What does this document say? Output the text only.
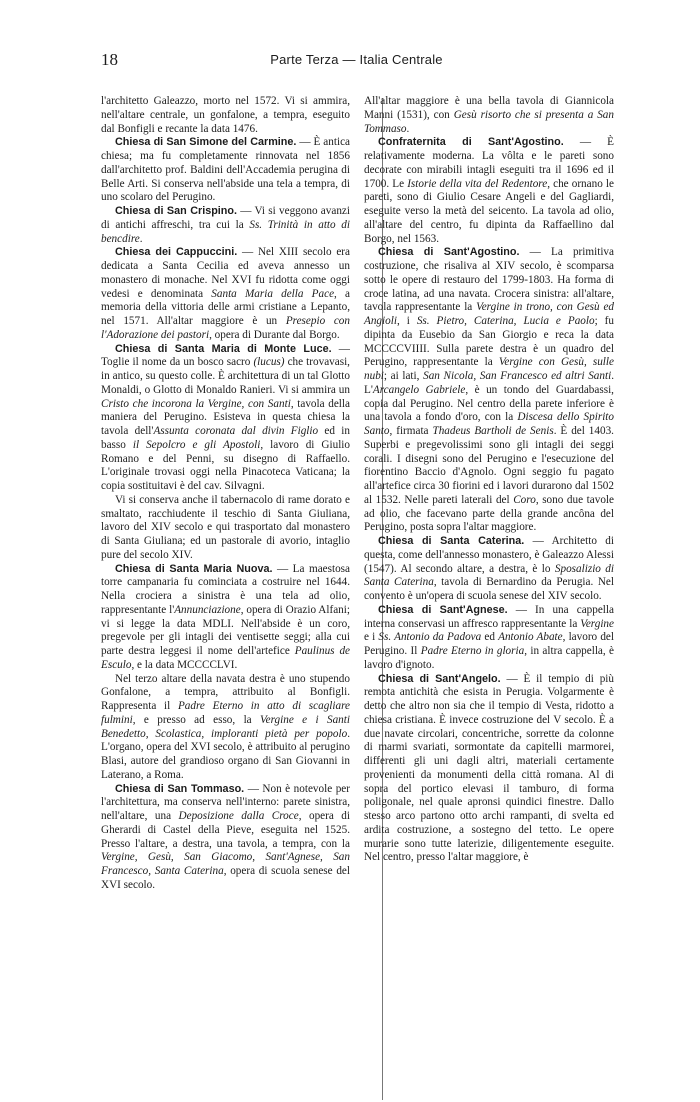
18	Parte Terza — Italia Centrale

l'architetto Galeazzo, morto nel 1572. Vi si ammira, nell'altare centrale, un gonfalone, a tempra, eseguito dal Bonfigli e recante la data 1476.

Chiesa di San Simone del Carmine. — È antica chiesa; ma fu completamente rinnovata nel 1856 dall'architetto prof. Baldini dell'Accademia perugina di Belle Arti. Si conserva nell'abside una tela a tempra, di uno scolaro del Perugino.

Chiesa di San Crispino. — Vi si veggono avanzi di antichi affreschi, tra cui la Ss. Trinità in atto di bencdire.

Chiesa dei Cappuccini. — Nel XIII secolo era dedicata a Santa Cecilia ed aveva annesso un monastero di monache. Nel XVI fu ridotta come oggi vedesi e denominata Santa Maria della Pace, a memoria della vittoria delle armi cristiane a Lepanto, nel 1571. All'altar maggiore è un Presepio con l'Adorazione dei pastori, opera di Durante dal Borgo.

Chiesa di Santa Maria di Monte Luce. — Toglie il nome da un bosco sacro (lucus) che trovavasi, in antico, su questo colle. È architettura di un tal Glotto Monaldi, o Glotto di Monaldo Ranieri. Vi si ammira un Cristo che incorona la Vergine, con Santi, tavola della maniera del Perugino. Esisteva in questa chiesa la tavola dell'Assunta coronata dal divin Figlio ed in basso il Sepolcro e gli Apostoli, lavoro di Giulio Romano e del Penni, su disegno di Raffaello. L'originale trovasi oggi nella Pinacoteca Vaticana; la copia sostituitavi è del cav. Silvagni.

Vi si conserva anche il tabernacolo di rame dorato e smaltato, racchiudente il teschio di Santa Giuliana, lavoro del XIV secolo e qui trasportato dal monastero di Santa Giuliana; ed un pastorale di avorio, intaglio pure del secolo XIV.

Chiesa di Santa Maria Nuova. — La maestosa torre campanaria fu cominciata a costruire nel 1644. Nella crociera a sinistra è una tela ad olio, rappresentante l'Annunciazione, opera di Orazio Alfani; vi si legge la data MDLI. Nell'abside è un coro, pregevole per gli intagli dei ventisette seggi; alla cui parte destra leggesi il nome dell'artefice Paulinus de Esculo, e la data MCCCCLVI.

Nel terzo altare della navata destra è uno stupendo Gonfalone, a tempra, attribuito al Bonfigli. Rappresenta il Padre Eterno in atto di scagliare fulmini, e presso ad esso, la Vergine e i Santi Benedetto, Scolastica, imploranti pietà per popolo. L'organo, opera del XVI secolo, è attribuito al perugino Blasi, autore del grandioso organo di San Giovanni in Laterano, a Roma.

Chiesa di San Tommaso. — Non è notevole per l'architettura, ma conserva nell'interno: parete sinistra, nell'altare, una Deposizione dalla Croce, opera di Gherardi di Castel della Pieve, eseguita nel 1525. Presso l'altare, a destra, una tavola, a tempra, con la Vergine, Gesù, San Giacomo, Sant'Agnese, San Francesco, Santa Caterina, opera di scuola senese del XVI secolo.

All'altar maggiore è una bella tavola di Giannicola Manni (1531), con Gesù risorto che si presenta a San Tommaso.

Confraternita di Sant'Agostino. — È relativamente moderna. La vôlta e le pareti sono decorate con mirabili intagli eseguiti tra il 1696 ed il 1700. Le Istorie della vita del Redentore, che ornano le pareti, sono di Giulio Cesare Angeli e del Gagliardi, eseguite verso la metà del seicento. La tavola ad olio, all'altare del centro, fu dipinta da Raffaellino dal Borgo, nel 1563.

Chiesa di Sant'Agostino. — La primitiva costruzione, che risaliva al XIV secolo, è scomparsa sotto le opere di restauro del 1799-1803. Ha forma di croce latina, ad una navata. Crocera sinistra: all'altare, tavola rappresentante la Vergine in trono, con Gesù ed Angioli, i Ss. Pietro, Caterina, Lucia e Paolo; fu dipinta da Eusebio da San Giorgio e reca la data MCCCCVIIII. Sulla parete destra è un quadro del Perugino, rappresentante la Vergine con Gesù, sulle nubi; ai lati, San Nicola, San Francesco ed altri Santi. L'Arcangelo Gabriele, è un tondo del Guardabassi, copia dal Perugino. Nel centro della parete inferiore è una tavola a fondo d'oro, con la Discesa dello Spirito Santo, firmata Thadeus Bartholi de Senis. È del 1403. Superbi e pregevolissimi sono gli intagli dei seggi corali. I disegni sono del Perugino e l'esecuzione del fiorentino Baccio d'Agnolo. Ogni seggio fu pagato all'artefice circa 30 fiorini ed i lavori durarono dal 1502 al 1532. Nelle pareti laterali del Coro, sono due tavole ad olio, che facevano parte della grande ancôna del Perugino, posta sopra l'altar maggiore.

Chiesa di Santa Caterina. — Architetto di questa, come dell'annesso monastero, è Galeazzo Alessi (1547). Al secondo altare, a destra, è lo Sposalizio di Santa Caterina, tavola di Bernardino da Perugia. Nel convento è un'opera di scuola senese del XIV secolo.

Chiesa di Sant'Agnese. — In una cappella interna conservasi un affresco rappresentante la Vergine e i Ss. Antonio da Padova ed Antonio Abate, lavoro del Perugino. Il Padre Eterno in gloria, in altra cappella, è lavoro d'ignoto.

Chiesa di Sant'Angelo. — È il tempio di più remota antichità che esista in Perugia. Volgarmente è detto che altro non sia che il tempio di Vesta, ridotto a chiesa cristiana. È invece costruzione del V secolo. È a due navate circolari, concentriche, sorrette da colonne di marmi svariati, sormontate da capitelli marmorei, differenti gli uni dagli altri, materiali certamente provenienti da monumenti della città romana. Al di sopra del portico elevasi il tamburo, di forma poligonale, nel quale apronsi quindici finestre. Dallo stesso arco partono otto archi rampanti, di svelta ed ardita costruzione, a sostegno del tetto. Le opere murarie sono tutte laterizie, diligentemente eseguite. Nel centro, presso l'altar maggiore, è
